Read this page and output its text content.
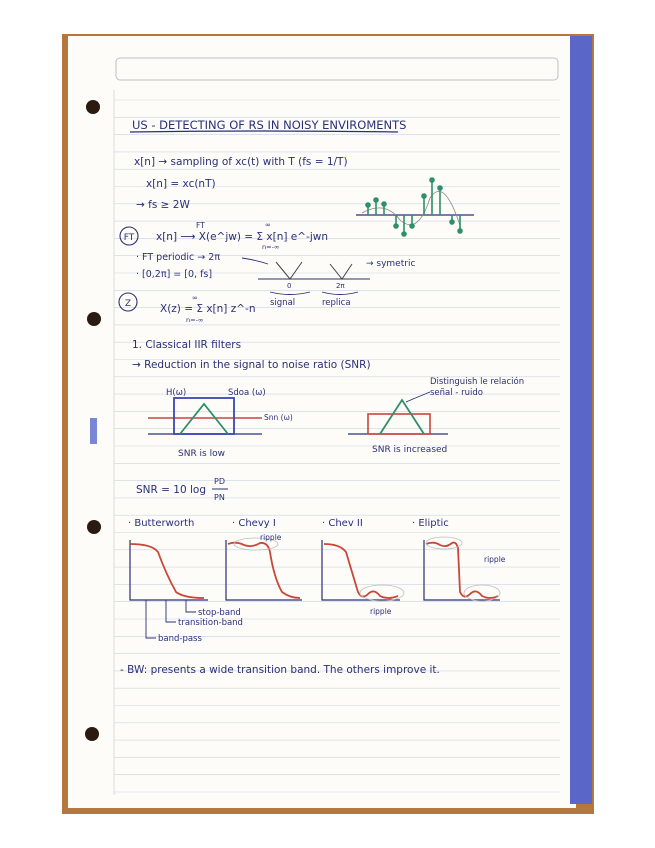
US - DETECTING OF RS IN NOISY ENVIROMENTS
x[n] → sampling of xc(t) with T (fs = 1/T)
x[n] = xc(nT)
→ fs ≥ 2W
FT x[n] ⟶ X(e^jw) = Σ x[n] e^-jwn
FT	∞
n=-∞
· FT periodic → 2π
· [0,2π] = [0, fs]
→ symetric
0	2π
signal	replica
Z	X(z) = Σ x[n] z^-n
∞
n=-∞
1. Classical IIR filters
→ Reduction in the signal to noise ratio (SNR)
H(ω)	Sdoa (ω)
Snn (ω)
SNR is low
Distinguish le relación
señal - ruido
SNR is increased
SNR = 10 log
PD
PN
· Butterworth	· Chevy I	· Chev II	· Eliptic
ripple
ripple
ripple
stop-band
transition-band
band-pass
- BW: presents a wide transition band. The others improve it.
